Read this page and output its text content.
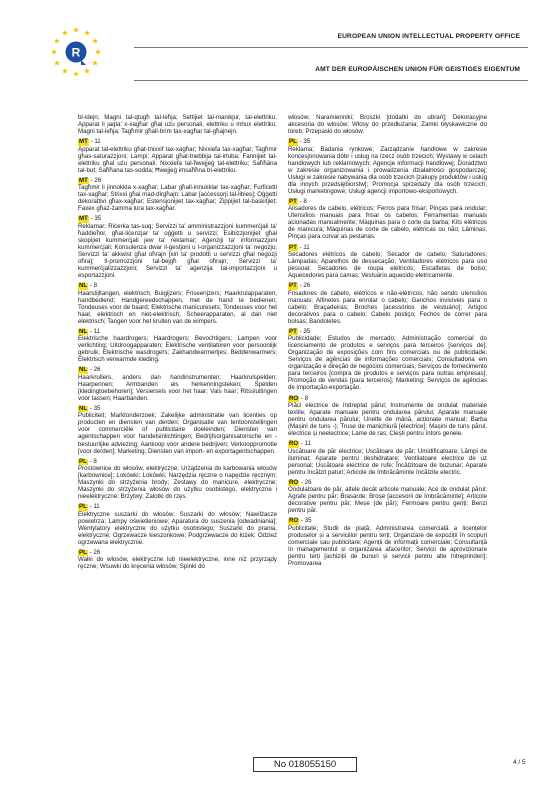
R
EUROPEAN UNION INTELLECTUAL PROPERTY OFFICE
AMT DER EUROPÄISCHEN UNION FÜR GEISTIGES EIGENTUM
bl-idejn; Magni tal-qtugħ tal-leħja; Settijiet tal-manikjur, tal-elettriku; Apparat li jaqta' x-xagħar għal użu personali, elettriku u mhux elettriku; Magni tal-leħja; Tagħmir għall-brim tax-xagħar tal-għajnejn.
MT - 11
Apparat tal-elettriku għat-tnixxif tax-xagħar; Nixxiefa tax-xagħar; Tagħmir għas-saturazzjoni; Lampi; Apparat għat-tnebbija tal-irtuba; Fannijiet tal-elettriku għal użu personali; Nixxiefa tal-ħwejjeġ tal-elettriku; Saħħāna tal-but; Saħħana tas-sodda; Ħwejjeġ imsaħħna bl-elettriku.
MT - 26
Tagħmir li jinnokkla x-xagħar; Labar għall-innukklar tax-xagħar; Furficetti tax-xagħar; Strixxi għal mad-dirgħajn; Labar [aċċessorji tal-libies]; Oġġetti dekorattivi għax-xagħar; Estensjonijiet tax-xagħar; Zippijiet tal-baskitjiet; Faxex għaż-żamma lura tax-xagħar.
MT - 35
Reklamar; Riċerka tas-suq; Servizzi ta' amministrazzjoni kummerċjali ta' ħaddieħor, għal-liċenzjar ta' oġġetti u servizzi; Esibizzjonijiet għal skopijiet kummerċjali jew ta' reklamar; Aġenziji ta' informazzjoni kummerċjali; Konsulenza dwar il-ġestjoni u l-organizzazzjoni ta' negozju; Servizzi ta' akkwist għal oħrajn [xiri ta' prodotti u servizzi għal negozji oħra]; Il-promozzjoni tal-bejgħ għal oħrajn; Servizzi ta' kummerċjalizzazzjoni; Servizzi ta' aġenzija tal-importazzjoni u esportazzjoni.
NL - 8
Haarstijltangen, elektrisch; Buigijzers; Friseerijzers; Haarkrulapparaten, handbediend; Handgereedschappen, met de hand te bedienen; Tondeuses voor de baard; Elektrische manicuresets; Tondeuses voor het haar, elektrisch en niet-elektrisch; Scheerapparaten, al dan niet elektrisch; Tangen voor het krullen van de wimpers.
NL - 11
Elektrische haardrogers; Haardrogers; Bevochtigers; Lampen voor verlichting; Uitdroogapparaten; Elektrische ventilatoren voor persoonlijk gebruik; Elektrische wasdrogers; Zakhandwarmertjes; Beddenwarmers; Elektrisch verwarmde kleding.
NL - 26
Haarkrullers, anders dan handinstrumenten; Haarkrulspelden; Haarpennen; Armbanden als herkenningsteken; Spelden [kledingtoebehoren]; Versiersels voor het haar; Vals haar; Ritssluitingen voor tassen; Haarbanden.
NL - 35
Publiciteit; Marktonderzoek; Zakelijke administratie van licenties op producten en diensten van derden; Organisatie van tentoonstellingen voor commerciële of publicitaire doeleinden; Diensten van agentschappen voor handelsinlichtingen; Bedrijfsorganisatorische en -bestuurlijke adviezing; Aankoop voor andere bedrijven; Verkooppromotie [voor derden]; Marketing; Diensten van import- en exportagentschappen.
PL - 8
Prostownice do włosów, elektryczne; Urządzenia do karbowania włosów [karbownice]; Lokówki; Lokówki; Narzędzia ręczne o napędzie ręcznym; Maszynki do strzyżenia brody; Zestawy do manicure, elektryczne; Maszynki do strzyżenia włosów do użytku osobistego, elektryczne i nieelektryczne; Brzytwy; Zalotki do rzęs.
PL - 11
Elektryczne suszarki do włosów; Suszarki do włosów; Nawilżacze powietrza; Lampy oświetleniowe; Aparatura do suszenia [odwadniania]; Wentylatory elektryczne do użytku osobistego; Suszarki do prania, elektryczne; Ogrzewacze kieszonkowe; Podgrzewacze do łóżek; Odzież ogrzewana elektrycznie.
PL - 26
Wałki do włosów, elektryczne lub nieelektryczne, inne niż przyrządy ręczne; Wsuwki do kręcenia włosów; Spinki do
włosów; Naramienniki; Broszki [dodatki do ubrań]; Dekoracyjne akcesoria do włosów; Włosy do przedłużania; Zamki błyskawiczne do toreb; Przepaski do włosów.
PL - 35
Reklama; Badania rynkowe; Zarządzanie handlowe w zakresie koncesjonowania dóbr i usług na rzecz osób trzecich; Wystawy w celach handlowych lub reklamowych; Agencje informacji handlowej; Doradztwo w zakresie organizowania i prowadzenia działalności gospodarczej; Usługi w zakresie nabywania dla osób trzecich [zakupy produktów i usług dla innych przedsiębiorstw]; Promocja sprzedaży dla osób trzecich; Usługi marketingowe; Usługi agencji importowo-eksportowych.
PT - 8
Alisadores de cabelo, elétricos; Ferros para frisar; Pinças para ondular; Utensílios manuais para frisar os cabelos; Ferramentas manuais acionadas manualmente; Máquinas para o corte da barba; Kits elétricos de manicura; Máquinas de corte de cabelo, elétricas ou não; Lâminas; Pinças para curvar as pestanas.
PT - 11
Secadores elétricos de cabelo; Secador de cabelo; Saturadores; Lâmpadas; Aparelhos de dessecação; Ventiladores elétricos para uso pessoal; Secadores de roupa elétricos; Escalfetas de bolso; Aquecedores para camas; Vestuário aquecido eletricamente.
PT - 26
Frisadores de cabelo, elétricos e não-elétricos, não sendo utensílios manuais; Alfinetes para enrolar o cabelo; Ganchos invisíveis para o cabelo; Braçadeiras; Broches [acessórios de vestuário]; Artigos decorativos para o cabelo; Cabelo postiço; Fechos de correr para bolsas; Bandoletes.
PT - 35
Publicidade; Estudos de mercado; Administração comercial do licenciamento de produtos e serviços para terceiros [serviços de]; Organização de exposições com fins comerciais ou de publicidade; Serviços de agências de informações comerciais; Consultadoria em organização e direção de negócios comerciais; Serviços de fornecimento para terceiros [compra de produtos e serviços para outras empresas]; Promoção de vendas [para terceiros]; Marketing; Serviços de agências de importação-exportação.
RO - 8
Plăci electrice de îndreptat părul; Instrumente de ondulat materiale textile; Aparate manuale pentru ondularea părului; Aparate manuale pentru ondularea părului; Unelte de mână, acționate manual; Barba (Mașini de tuns -); Truse de manichiură [electrice]; Mașini de tuns părul, electrice și neelectrice; Lame de ras; Clești pentru întors genele.
RO - 11
Uscătoare de păr electrice; Uscătoare de păr; Umidificatoare; Lămpi de iluminat; Aparate pentru deshidratare; Ventilatoare electrice de uz personal; Uscătoare electrice de rufe; Încălzitoare de buzunar; Aparate pentru încălzit paturi; Articole de îmbrăcăminte încălzite electric.
RO - 26
Ondulatoare de păr, altele decât articole manuale; Ace de ondulat părul; Agrafe pentru păr; Brasarde; Broșe [accesorii de îmbrăcăminte]; Articole decorative pentru păr; Meșe (de păr); Fermoare pentru genți; Benzi pentru păr.
RO - 35
Publicitate; Studii de piață; Administrarea comercială a licențelor produselor și a serviciilor pentru terți; Organizare de expoziții în scopuri comerciale sau publicitare; Agenții de informații comerciale; Consultanță în managementul și organizarea afacerilor; Servicii de aprovizionare pentru terți [achiziții de bunuri și servicii pentru alte întreprinderi]; Promovarea
No 018055150	4 / 5
